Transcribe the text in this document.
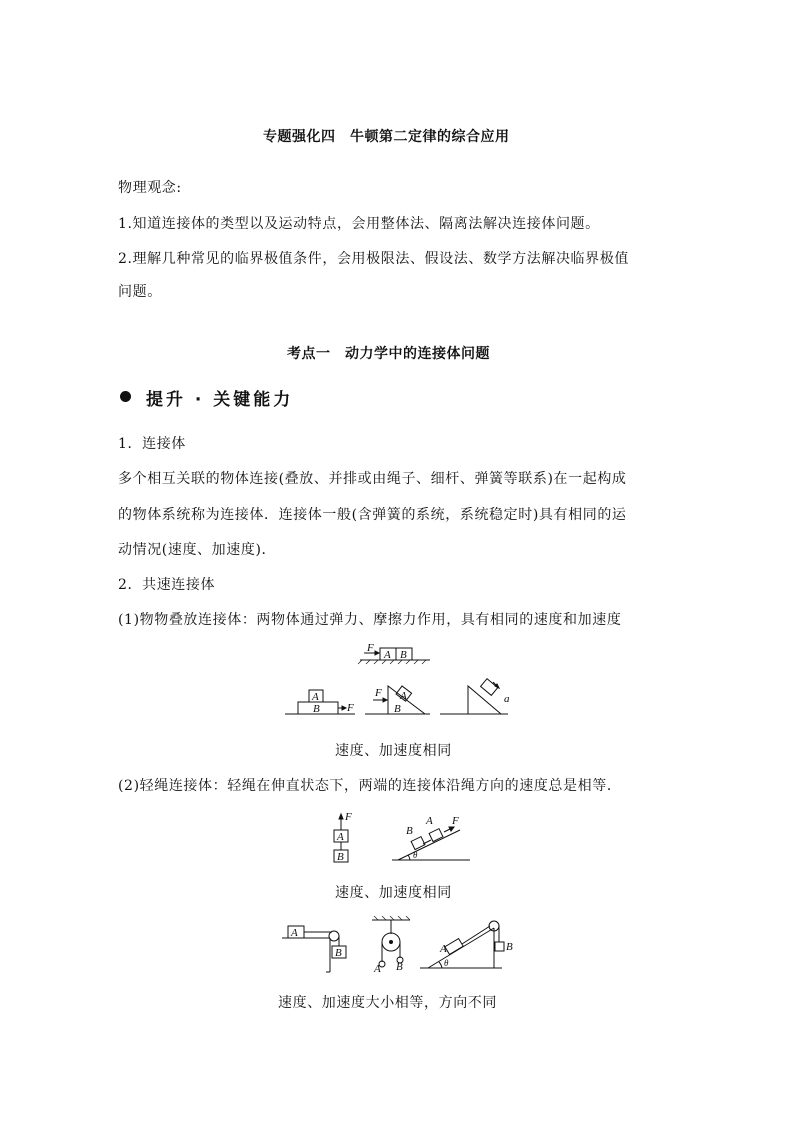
专题强化四　牛顿第二定律的综合应用
物理观念:
1.知道连接体的类型以及运动特点，会用整体法、隔离法解决连接体问题。
2.理解几种常见的临界极值条件，会用极限法、假设法、数学方法解决临界极值
问题。
考点一　动力学中的连接体问题
提升 · 关键能力
1．连接体
多个相互关联的物体连接(叠放、并排或由绳子、细杆、弹簧等联系)在一起构成
的物体系统称为连接体．连接体一般(含弹簧的系统，系统稳定时)具有相同的运
动情况(速度、加速度)．
2．共速连接体
(1)物物叠放连接体：两物体通过弹力、摩擦力作用，具有相同的速度和加速度
F
A B
A
B F
F A
B
a
速度、加速度相同
(2)轻绳连接体：轻绳在伸直状态下，两端的连接体沿绳方向的速度总是相等．
F
A
B
B
A F
θ
速度、加速度相同
A
B
A B
A	B
θ
速度、加速度大小相等，方向不同
